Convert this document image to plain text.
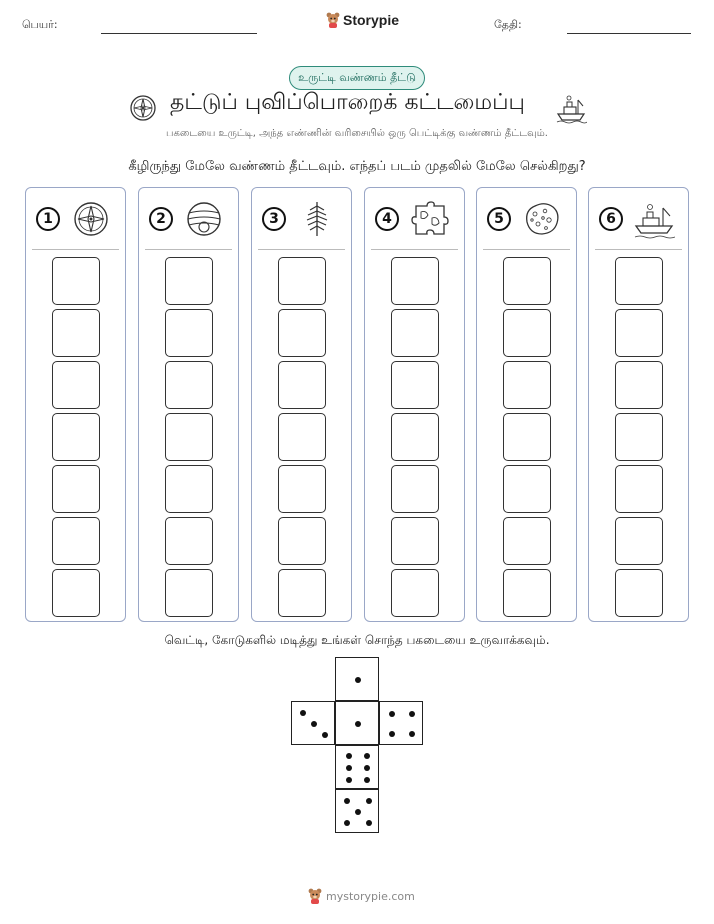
பெயர்:	Storypie	தேதி:
உருட்டி வண்ணம் தீட்டு
தட்டுப் புவிப்பொறைக் கட்டமைப்பு
பகடையை உருட்டி, அந்த எண்ணின் வரிசையில் ஒரு பெட்டிக்கு வண்ணம் தீட்டவும்.
கீழிருந்து மேலே வண்ணம் தீட்டவும். எந்தப் படம் முதலில் மேலே செல்கிறது?
1	2	3	4	5	6
வெட்டி, கோடுகளில் மடித்து உங்கள் சொந்த பகடையை உருவாக்கவும்.
mystorypie.com
